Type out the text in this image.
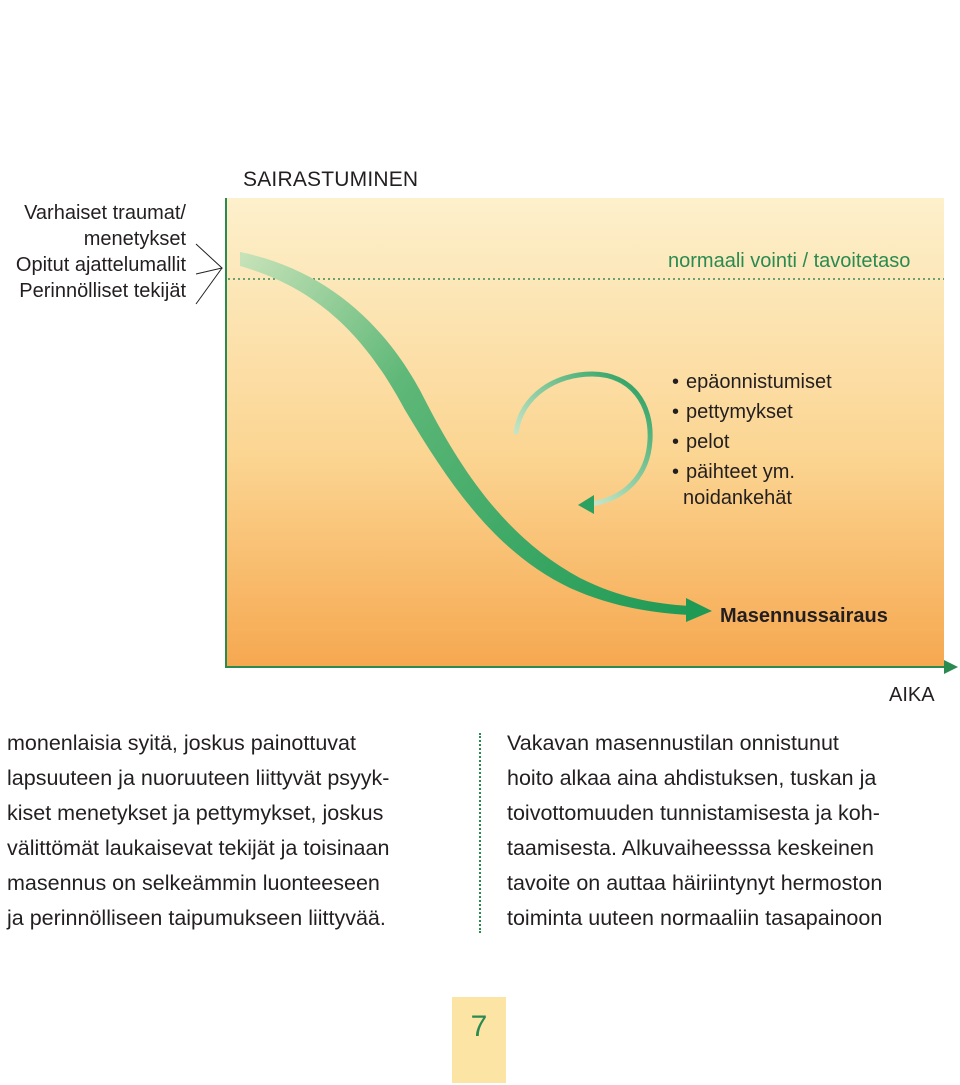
Varhaiset traumat/
menetykset
Opitut ajattelumallit
Perinnölliset tekijät
SAIRASTUMINEN
normaali vointi / tavoitetaso
• epäonnistumiset
• pettymykset
• pelot
• päihteet ym.
noidankehät
Masennussairaus
AIKA
monenlaisia syitä, joskus painottuvat
lapsuuteen ja nuoruuteen liittyvät psyyk-
kiset menetykset ja pettymykset, joskus
välittömät laukaisevat tekijät ja toisinaan
masennus on selkeämmin luonteeseen
ja perinnölliseen taipumukseen liittyvää.
Vakavan masennustilan onnistunut
hoito alkaa aina ahdistuksen, tuskan ja
toivottomuuden tunnistamisesta ja koh-
taamisesta. Alkuvaiheesssa keskeinen
tavoite on auttaa häiriintynyt hermoston
toiminta uuteen normaaliin tasapainoon
7
